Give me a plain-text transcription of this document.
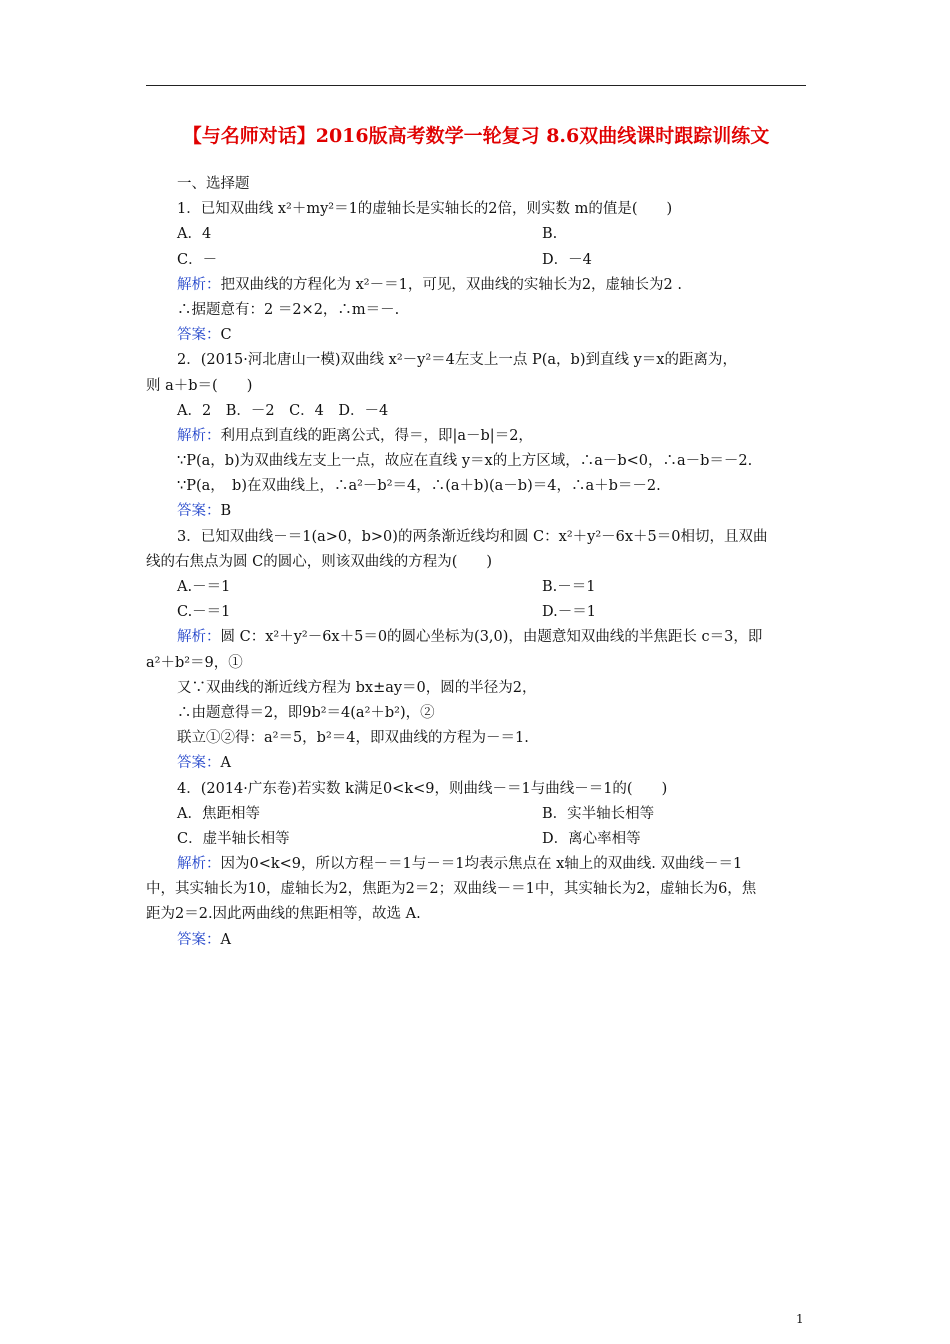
【与名师对话】2016版高考数学一轮复习 8.6双曲线课时跟踪训练文
一、选择题
1．已知双曲线 x²＋my²＝1的虚轴长是实轴长的2倍，则实数 m的值是(　　)
A．4	B.
C．－	D．－4
解析：把双曲线的方程化为 x²－＝1，可见，双曲线的实轴长为2，虚轴长为2 .
∴据题意有：2 ＝2×2，∴m＝－.
答案：C
2．(2015·河北唐山一模)双曲线 x²－y²＝4左支上一点 P(a，b)到直线 y＝x的距离为，
则 a＋b＝(　　)
A．2　B．－2　C．4　D．－4
解析：利用点到直线的距离公式，得＝，即|a－b|＝2，
∵P(a，b)为双曲线左支上一点，故应在直线 y＝x的上方区域，∴a－b<0，∴a－b＝－2.
∵P(a，　b)在双曲线上，∴a²－b²＝4，∴(a＋b)(a－b)＝4，∴a＋b＝－2.
答案：B
3．已知双曲线－＝1(a>0，b>0)的两条渐近线均和圆 C：x²＋y²－6x＋5＝0相切，且双曲
线的右焦点为圆 C的圆心，则该双曲线的方程为(　　)
A.－＝1	B.－＝1
C.－＝1	D.－＝1
解析：圆 C：x²＋y²－6x＋5＝0的圆心坐标为(3,0)，由题意知双曲线的半焦距长 c＝3，即
a²＋b²＝9，①
又∵双曲线的渐近线方程为 bx±ay＝0，圆的半径为2，
∴由题意得＝2，即9b²＝4(a²＋b²)，②
联立①②得：a²＝5，b²＝4，即双曲线的方程为－＝1.
答案：A
4．(2014·广东卷)若实数 k满足0<k<9，则曲线－＝1与曲线－＝1的(　　)
A．焦距相等	B．实半轴长相等
C．虚半轴长相等	D．离心率相等
解析：因为0<k<9，所以方程－＝1与－＝1均表示焦点在 x轴上的双曲线. 双曲线－＝1
中，其实轴长为10，虚轴长为2，焦距为2＝2；双曲线－＝1中，其实轴长为2，虚轴长为6，焦
距为2＝2.因此两曲线的焦距相等，故选 A.
答案：A
1
